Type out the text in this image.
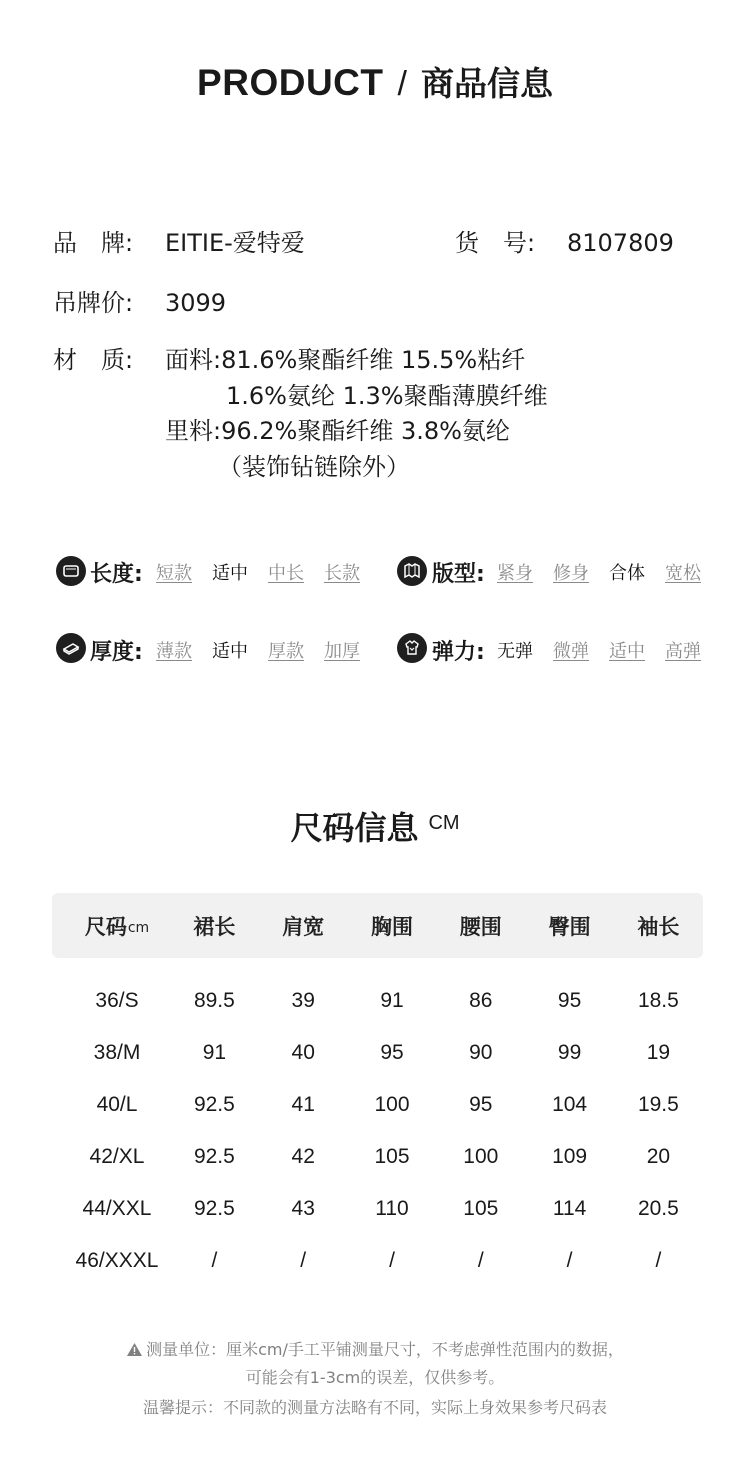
PRODUCT / 商品信息
品　牌: EITIE-爱特爱	货　号: 8107809
吊牌价: 3099
材　质: 面料:81.6%聚酯纤维 15.5%粘纤
1.6%氨纶 1.3%聚酯薄膜纤维
里料:96.2%聚酯纤维 3.8%氨纶
（装饰钻链除外）
长度: 短款 适中 中长 长款	版型: 紧身 修身 合体 宽松
厚度: 薄款 适中 厚款 加厚	弹力: 无弹 微弹 适中 高弹
尺码信息 CM
尺码 cm	裙长	肩宽	胸围	腰围	臀围	袖长
36/S	89.5	39	91	86	95	18.5
38/M	91	40	95	90	99	19
40/L	92.5	41	100	95	104	19.5
42/XL	92.5	42	105	100	109	20
44/XXL	92.5	43	110	105	114	20.5
46/XXXL	/	/	/	/	/	/
测量单位：厘米cm/手工平铺测量尺寸，不考虑弹性范围内的数据，
可能会有1-3cm的误差，仅供参考。
温馨提示：不同款的测量方法略有不同，实际上身效果参考尺码表
